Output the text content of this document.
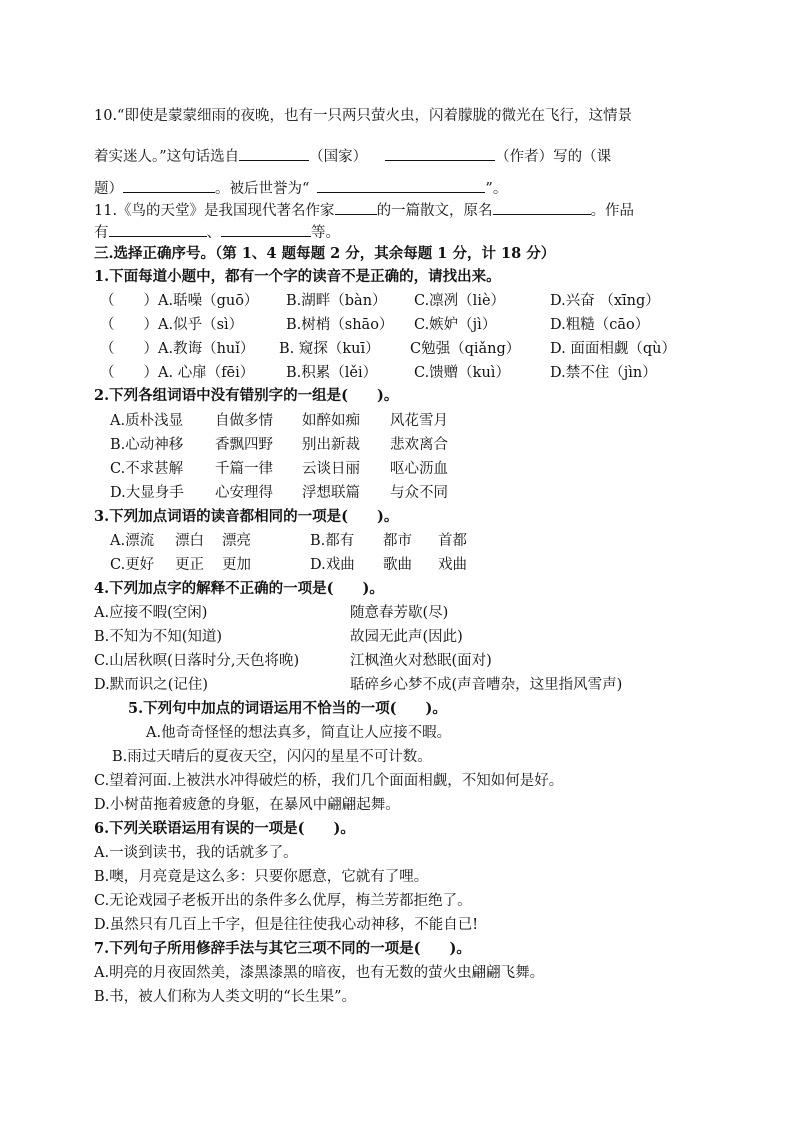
10.“即使是蒙蒙细雨的夜晚，也有一只两只萤火虫，闪着朦胧的微光在飞行，这情景
着实迷人。”这句话选自	（国家）	（作者）写的（课
题）	。被后世誉为“	”。
11.《鸟的天堂》是我国现代著名作家	的一篇散文，原名	。作品
有	、	等。
三.选择正确序号。（第 1、4 题每题 2 分，其余每题 1 分，计 18 分）
1.下面每道小题中，都有一个字的读音不是正确的，请找出来。
（　　）A.聒噪（guō） B.湖畔（bàn） C.凛冽（liè）	D.兴奋 （xīng）
（　　）A.似乎（sì）	B.树梢（shāo） C.嫉妒（jì）	D.粗糙（cāo）
（　　）A.教诲（huǐ） B. 窥探（kuī） C勉强（qiǎng） D. 面面相觑（qù）
（　　）A. 心扉（fēi） B.积累（lěi）	C.馈赠（kuì）	D.禁不住（jìn）
2.下列各组词语中没有错别字的一组是(　　)。
A.质朴浅显 自做多情 如醉如痴 风花雪月
B.心动神移 香飘四野 别出新裁 悲欢离合
C.不求甚解 千篇一律 云谈日丽 呕心沥血
D.大显身手 心安理得 浮想联篇 与众不同
3.下列加点词语的读音都相同的一项是(　　)。
A.漂流 漂白 漂亮	B.都有 都市 首都
C.更好 更正 更加	D.戏曲 歌曲 戏曲
4.下列加点字的解释不正确的一项是(　　)。
A.应接不暇(空闲)	随意春芳歇(尽)
B.不知为不知(知道)	故园无此声(因此)
C.山居秋暝(日落时分,天色将晚)	江枫渔火对愁眠(面对)
D.默而识之(记住)	聒碎乡心梦不成(声音嘈杂，这里指风雪声)
5.下列句中加点的词语运用不恰当的一项(　　)。
A.他奇奇怪怪的想法真多，简直让人应接不暇。
B.雨过天晴后的夏夜天空，闪闪的星星不可计数。
C.望着河面.上被洪水冲得破烂的桥，我们几个面面相觑，不知如何是好。
D.小树苗拖着疲惫的身躯，在暴风中翩翩起舞。
6.下列关联语运用有误的一项是(　　)。
A.一谈到读书，我的话就多了。
B.噢，月亮竟是这么多：只要你愿意，它就有了哩。
C.无论戏园子老板开出的条件多么优厚，梅兰芳都拒绝了。
D.虽然只有几百上千字，但是往往使我心动神移，不能自已!
7.下列句子所用修辞手法与其它三项不同的一项是(　　)。
A.明亮的月夜固然美，漆黑漆黑的暗夜，也有无数的萤火虫翩翩飞舞。
B.书，被人们称为人类文明的“长生果”。
